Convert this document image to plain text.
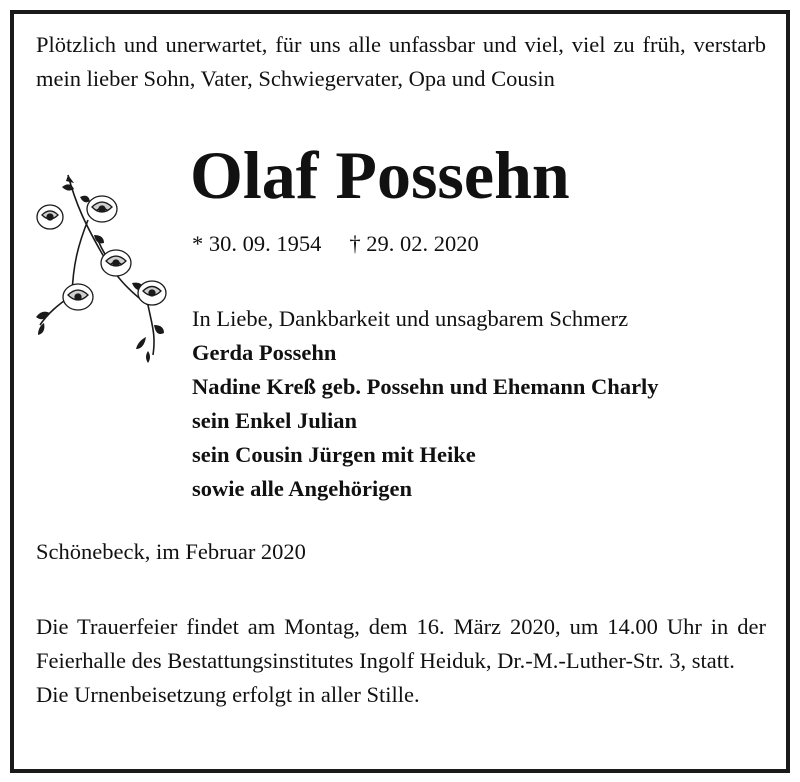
Plötzlich und unerwartet, für uns alle unfassbar und viel, viel zu früh, verstarb mein lieber Sohn, Vater, Schwiegervater, Opa und Cousin
Olaf Possehn
* 30. 09. 1954 † 29. 02. 2020
In Liebe, Dankbarkeit und unsagbarem Schmerz
Gerda Possehn
Nadine Kreß geb. Possehn und Ehemann Charly
sein Enkel Julian
sein Cousin Jürgen mit Heike
sowie alle Angehörigen
Schönebeck, im Februar 2020
Die Trauerfeier findet am Montag, dem 16. März 2020, um 14.00 Uhr in der Feierhalle des Bestattungsinstitutes Ingolf Heiduk, Dr.-M.-Luther-Str. 3, statt.
Die Urnenbeisetzung erfolgt in aller Stille.
